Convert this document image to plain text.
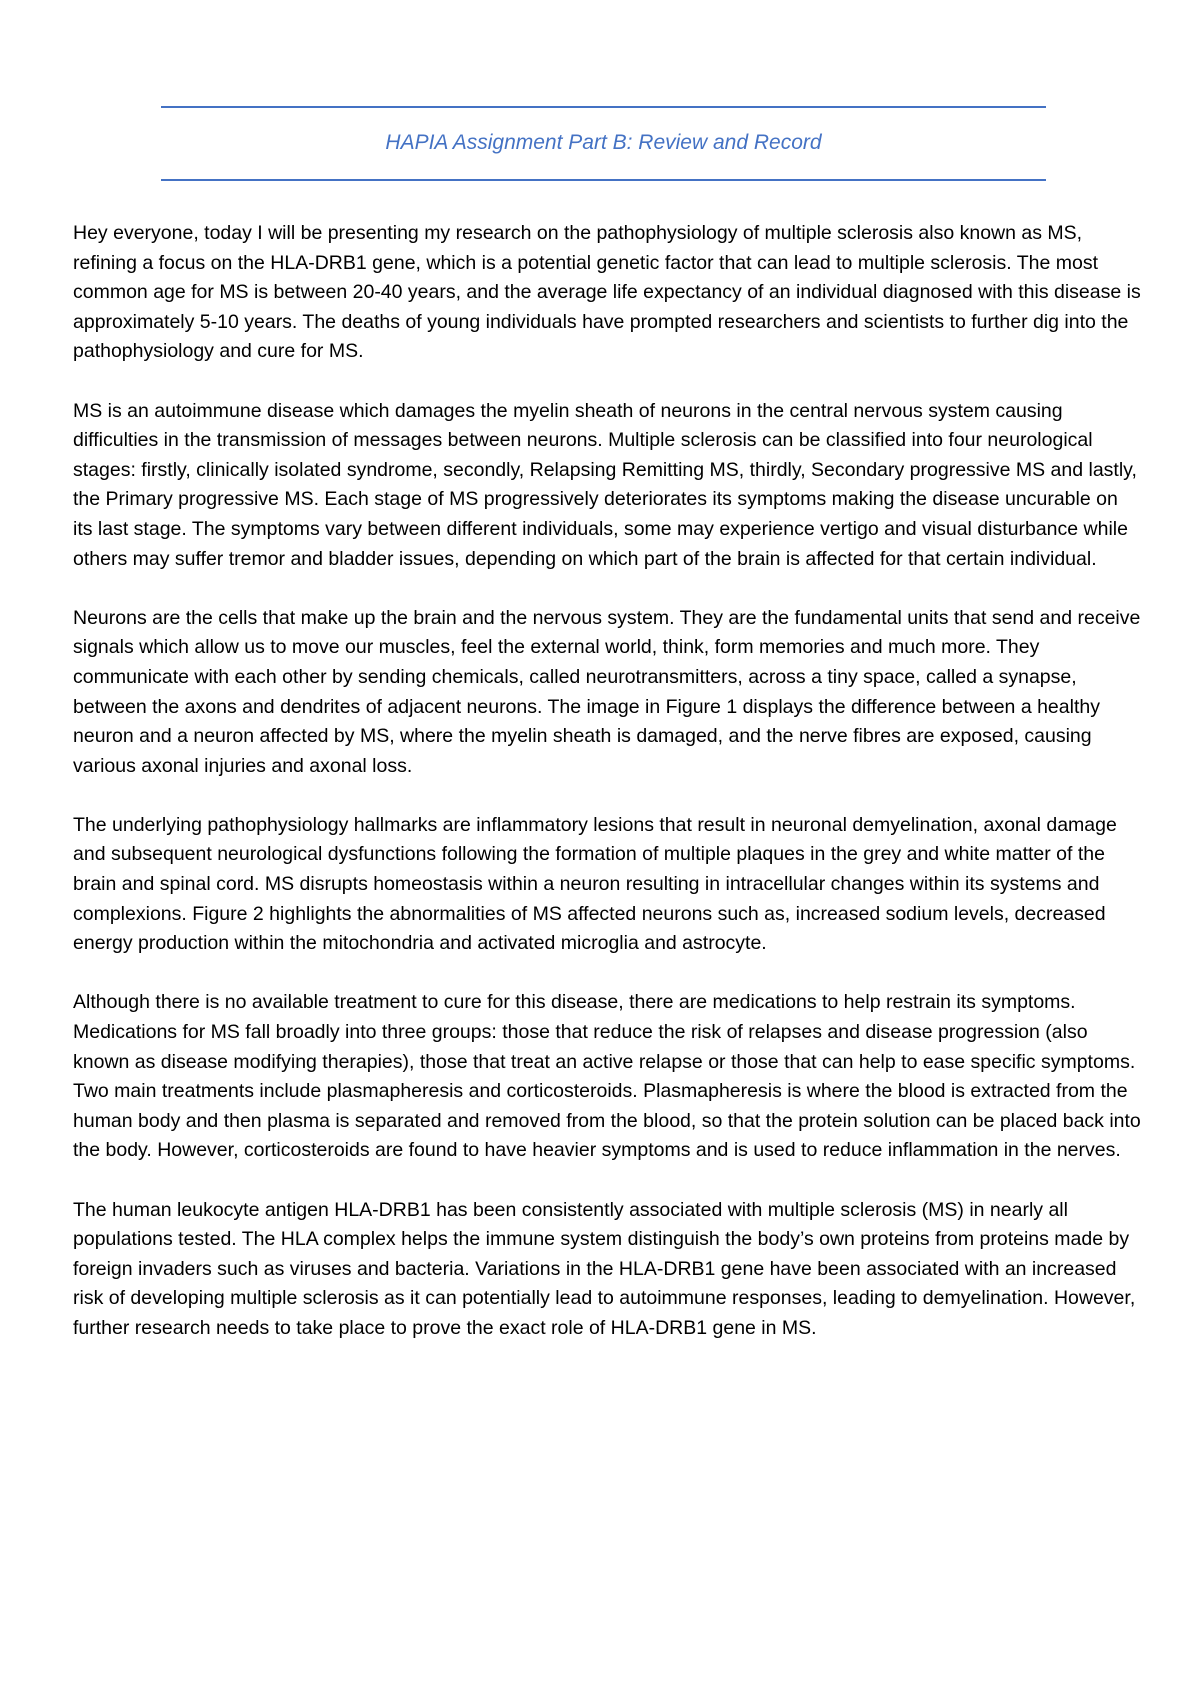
HAPIA Assignment Part B: Review and Record

Hey everyone, today I will be presenting my research on the pathophysiology of multiple sclerosis also known as MS, refining a focus on the HLA-DRB1 gene, which is a potential genetic factor that can lead to multiple sclerosis. The most common age for MS is between 20-40 years, and the average life expectancy of an individual diagnosed with this disease is approximately 5-10 years. The deaths of young individuals have prompted researchers and scientists to further dig into the pathophysiology and cure for MS.

MS is an autoimmune disease which damages the myelin sheath of neurons in the central nervous system causing difficulties in the transmission of messages between neurons. Multiple sclerosis can be classified into four neurological stages: firstly, clinically isolated syndrome, secondly, Relapsing Remitting MS, thirdly, Secondary progressive MS and lastly, the Primary progressive MS. Each stage of MS progressively deteriorates its symptoms making the disease uncurable on its last stage. The symptoms vary between different individuals, some may experience vertigo and visual disturbance while others may suffer tremor and bladder issues, depending on which part of the brain is affected for that certain individual.

Neurons are the cells that make up the brain and the nervous system. They are the fundamental units that send and receive signals which allow us to move our muscles, feel the external world, think, form memories and much more. They communicate with each other by sending chemicals, called neurotransmitters, across a tiny space, called a synapse, between the axons and dendrites of adjacent neurons. The image in Figure 1 displays the difference between a healthy neuron and a neuron affected by MS, where the myelin sheath is damaged, and the nerve fibres are exposed, causing various axonal injuries and axonal loss.

The underlying pathophysiology hallmarks are inflammatory lesions that result in neuronal demyelination, axonal damage and subsequent neurological dysfunctions following the formation of multiple plaques in the grey and white matter of the brain and spinal cord. MS disrupts homeostasis within a neuron resulting in intracellular changes within its systems and complexions. Figure 2 highlights the abnormalities of MS affected neurons such as, increased sodium levels, decreased energy production within the mitochondria and activated microglia and astrocyte.

Although there is no available treatment to cure for this disease, there are medications to help restrain its symptoms. Medications for MS fall broadly into three groups: those that reduce the risk of relapses and disease progression (also known as disease modifying therapies), those that treat an active relapse or those that can help to ease specific symptoms. Two main treatments include plasmapheresis and corticosteroids. Plasmapheresis is where the blood is extracted from the human body and then plasma is separated and removed from the blood, so that the protein solution can be placed back into the body. However, corticosteroids are found to have heavier symptoms and is used to reduce inflammation in the nerves.

The human leukocyte antigen HLA-DRB1 has been consistently associated with multiple sclerosis (MS) in nearly all populations tested. The HLA complex helps the immune system distinguish the body’s own proteins from proteins made by foreign invaders such as viruses and bacteria. Variations in the HLA-DRB1 gene have been associated with an increased risk of developing multiple sclerosis as it can potentially lead to autoimmune responses, leading to demyelination. However, further research needs to take place to prove the exact role of HLA-DRB1 gene in MS.
